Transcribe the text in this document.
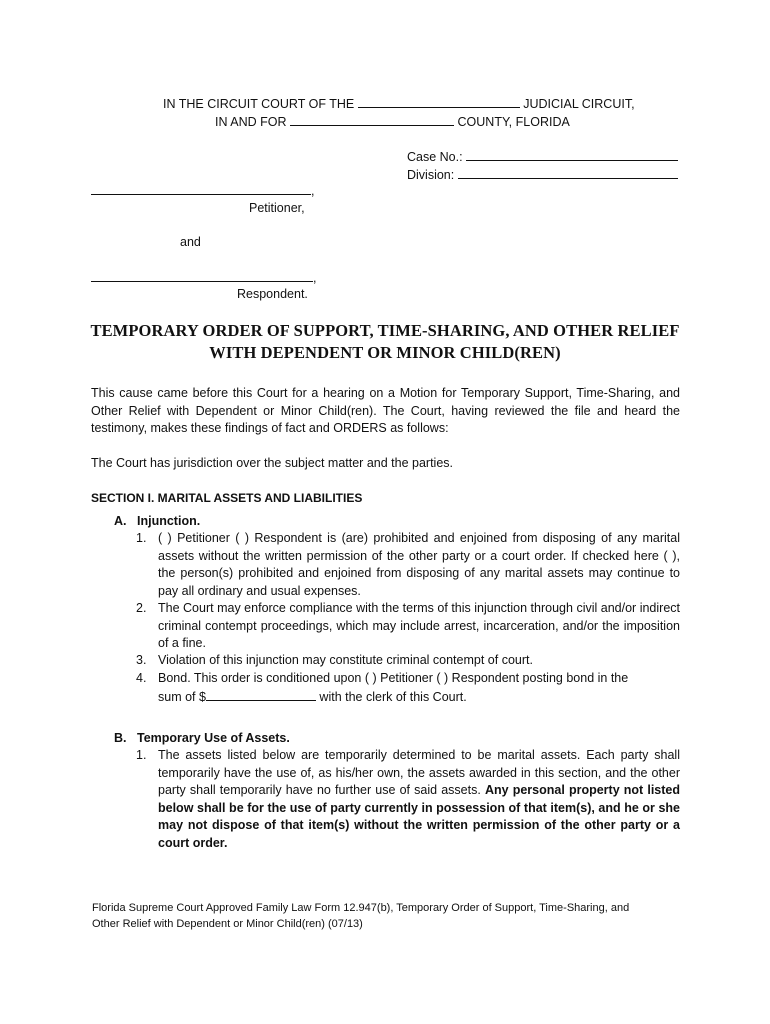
IN THE CIRCUIT COURT OF THE	JUDICIAL CIRCUIT,
IN AND FOR	COUNTY, FLORIDA
Case No.:
Division:
,
Petitioner,
and
,
Respondent.
TEMPORARY ORDER OF SUPPORT, TIME-SHARING, AND OTHER RELIEF
WITH DEPENDENT OR MINOR CHILD(REN)
This cause came before this Court for a hearing on a Motion for Temporary Support, Time-Sharing, and Other Relief with Dependent or Minor Child(ren). The Court, having reviewed the file and heard the testimony, makes these findings of fact and ORDERS as follows:
The Court has jurisdiction over the subject matter and the parties.
SECTION I. MARITAL ASSETS AND LIABILITIES
A. Injunction.
1. ( ) Petitioner ( ) Respondent is (are) prohibited and enjoined from disposing of any marital assets without the written permission of the other party or a court order. If checked here ( ), the person(s) prohibited and enjoined from disposing of any marital assets may continue to pay all ordinary and usual expenses.
2. The Court may enforce compliance with the terms of this injunction through civil and/or indirect criminal contempt proceedings, which may include arrest, incarceration, and/or the imposition of a fine.
3. Violation of this injunction may constitute criminal contempt of court.
4. Bond. This order is conditioned upon ( ) Petitioner ( ) Respondent posting bond in the
sum of $	with the clerk of this Court.
B. Temporary Use of Assets.
1. The assets listed below are temporarily determined to be marital assets. Each party shall temporarily have the use of, as his/her own, the assets awarded in this section, and the other party shall temporarily have no further use of said assets. Any personal property not listed below shall be for the use of party currently in possession of that item(s), and he or she may not dispose of that item(s) without the written permission of the other party or a court order.
Florida Supreme Court Approved Family Law Form 12.947(b), Temporary Order of Support, Time-Sharing, and
Other Relief with Dependent or Minor Child(ren) (07/13)
